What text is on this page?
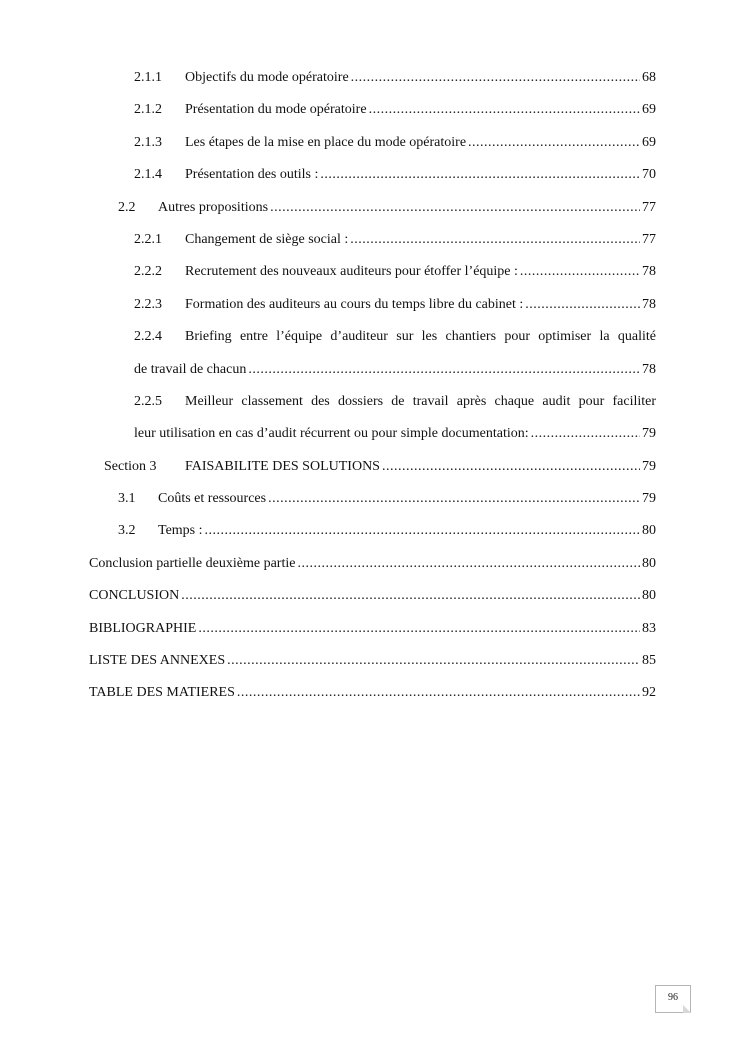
2.1.1	Objectifs du mode opératoire .....	68
2.1.2	Présentation du mode opératoire .....	69
2.1.3	Les étapes de la mise en place du mode opératoire .....	69
2.1.4	Présentation des outils : .....	70
2.2	Autres propositions .....	77
2.2.1	Changement de siège social : .....	77
2.2.2	Recrutement des nouveaux auditeurs pour étoffer l’équipe : .....	78
2.2.3	Formation des auditeurs au cours du temps libre du cabinet : .....	78
2.2.4	Briefing entre l’équipe d’auditeur sur les chantiers pour optimiser la qualité
de travail de chacun .....	78
2.2.5	Meilleur classement des dossiers de travail après chaque audit pour faciliter
leur utilisation en cas d’audit récurrent ou pour simple documentation: .....	79
Section 3	FAISABILITE DES SOLUTIONS .....	79
3.1	Coûts et ressources .....	79
3.2	Temps : .....	80
Conclusion partielle deuxième partie .....	80
CONCLUSION .....	80
BIBLIOGRAPHIE .....	83
LISTE DES ANNEXES .....	85
TABLE DES MATIERES .....	92
96
